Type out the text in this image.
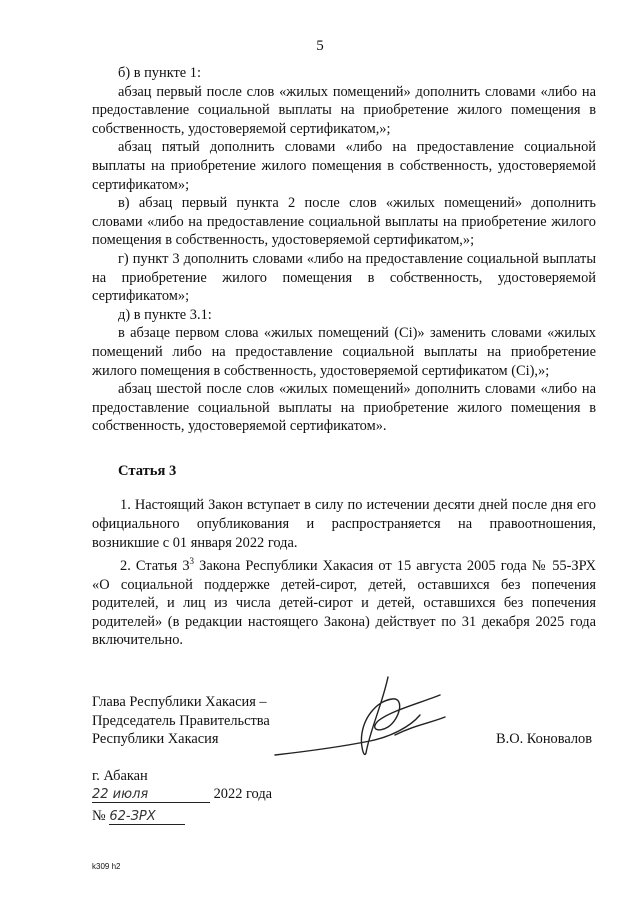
5

б) в пункте 1:

абзац первый после слов «жилых помещений» дополнить словами «либо на предоставление социальной выплаты на приобретение жилого помещения в собственность, удостоверяемой сертификатом,»;

абзац пятый дополнить словами «либо на предоставление социальной выплаты на приобретение жилого помещения в собственность, удостоверяемой сертификатом»;

в) абзац первый пункта 2 после слов «жилых помещений» дополнить словами «либо на предоставление социальной выплаты на приобретение жилого помещения в собственность, удостоверяемой сертификатом,»;

г) пункт 3 дополнить словами «либо на предоставление социальной выплаты на приобретение жилого помещения в собственность, удостоверяемой сертификатом»;

д) в пункте 3.1:

в абзаце первом слова «жилых помещений (Ci)» заменить словами «жилых помещений либо на предоставление социальной выплаты на приобретение жилого помещения в собственность, удостоверяемой сертификатом (Ci),»;

абзац шестой после слов «жилых помещений» дополнить словами «либо на предоставление социальной выплаты на приобретение жилого помещения в собственность, удостоверяемой сертификатом».

Статья 3

1. Настоящий Закон вступает в силу по истечении десяти дней после дня его официального опубликования и распространяется на правоотношения, возникшие с 01 января 2022 года.

2. Статья $3^3$ Закона Республики Хакасия от 15 августа 2005 года № 55-ЗРХ «О социальной поддержке детей-сирот, детей, оставшихся без попечения родителей, и лиц из числа детей-сирот и детей, оставшихся без попечения родителей» (в редакции настоящего Закона) действует по 31 декабря 2025 года включительно.

Глава Республики Хакасия –
Председатель Правительства
Республики Хакасия	В.О. Коновалов
г. Абакан
22 июля	2022 года
№ 62-ЗРХ
k309 h2
